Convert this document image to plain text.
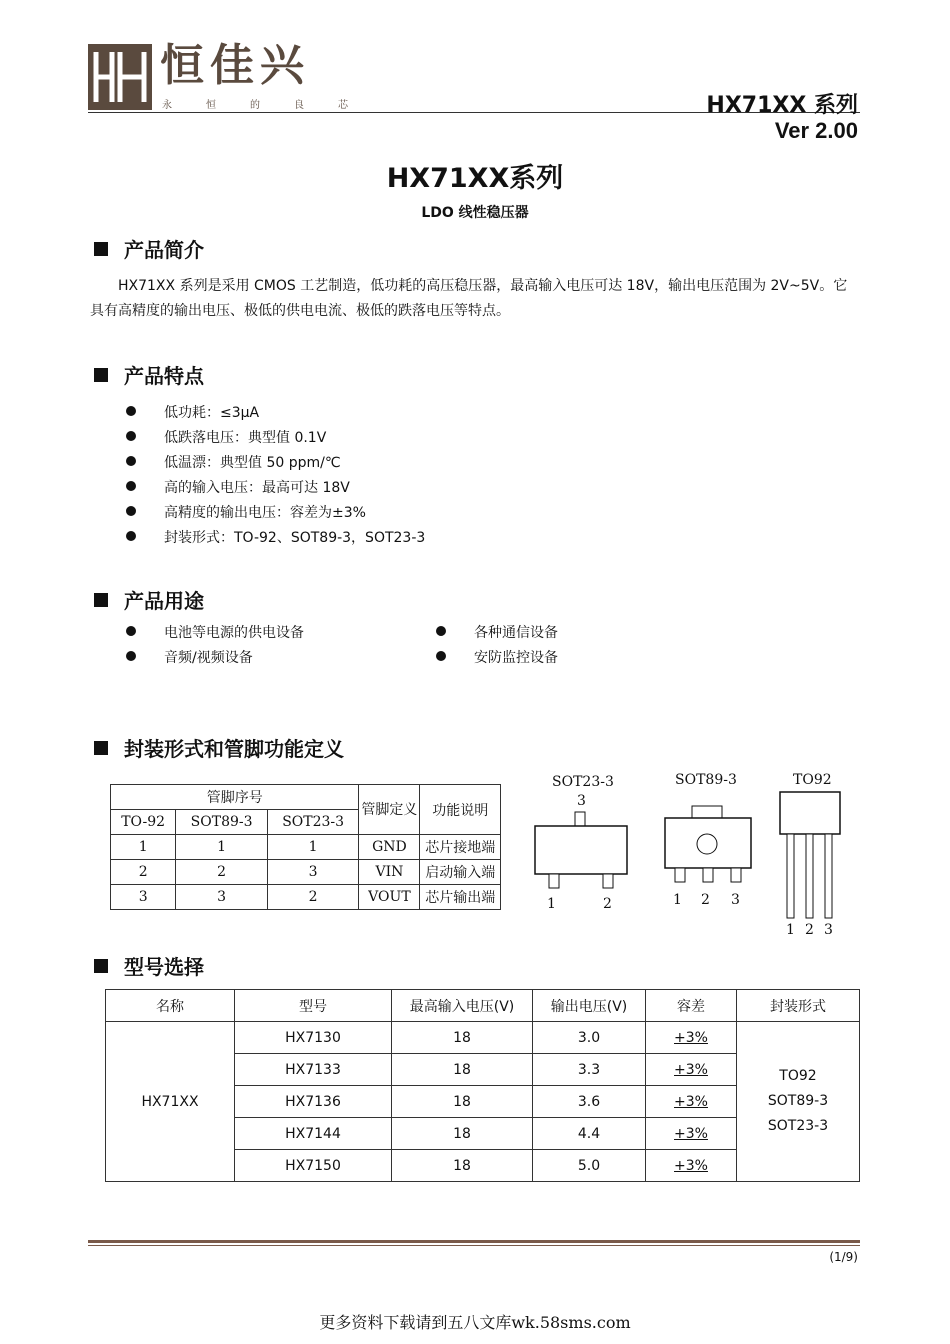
恒佳兴
永	恒	的	良	芯	HX71XX 系列
Ver 2.00
HX71XX系列
LDO 线性稳压器
产品简介
HX71XX 系列是采用 CMOS 工艺制造，低功耗的高压稳压器，最高输入电压可达 18V，输出电压范围为 2V~5V。它具有高精度的输出电压、极低的供电电流、极低的跌落电压等特点。
产品特点
低功耗：≤3μA
低跌落电压：典型值 0.1V
低温漂：典型值 50 ppm/℃
高的输入电压：最高可达 18V
高精度的输出电压：容差为±3%
封装形式：TO-92、SOT89-3，SOT23-3
产品用途
电池等电源的供电设备	各种通信设备
音频/视频设备	安防监控设备
封装形式和管脚功能定义
管脚序号			管脚定义	功能说明
TO-92	SOT89-3	SOT23-3		
1	1	1	GND	芯片接地端
2	2	3	VIN	启动输入端
3	3	2	VOUT	芯片输出端
SOT23-3
3
1	2
SOT89-3
1 2 3
TO92
1 2 3
型号选择
名称	型号	最高输入电压(V)	输出电压(V)	容差	封装形式
HX71XX	HX7130	18	3.0	+3%	TO92
SOT89-3
SOT23-3

	HX7133	18	3.3	+3%	
	HX7136	18	3.6	+3%	
	HX7144	18	4.4	+3%	
	HX7150	18	5.0	+3%	
(1/9)
更多资料下载请到五八文库wk.58sms.com
